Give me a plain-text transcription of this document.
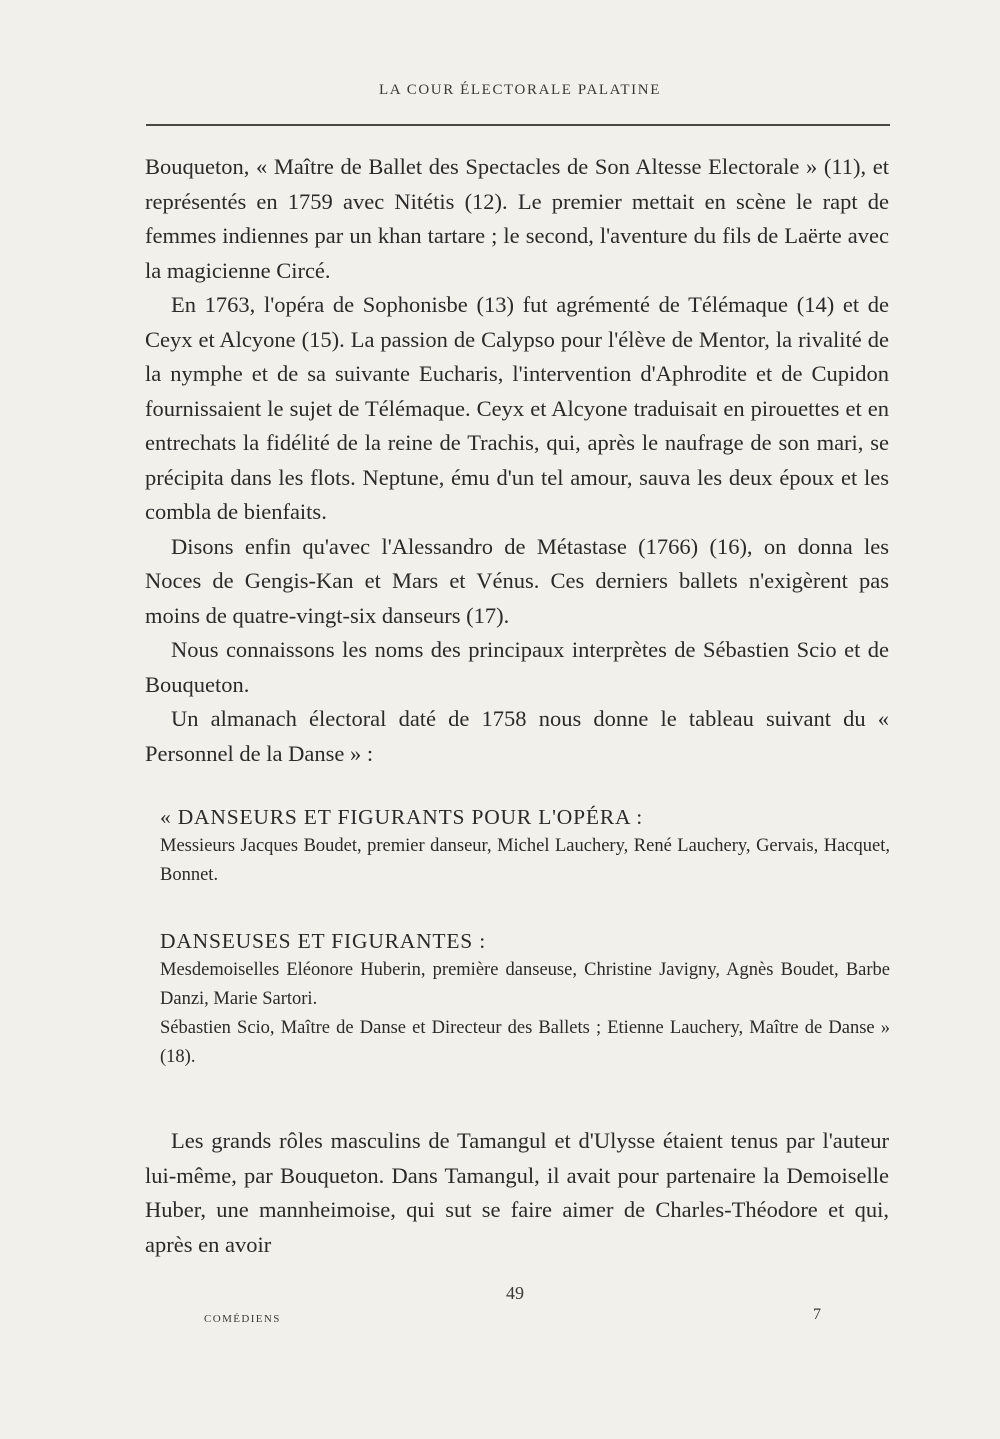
LA COUR ÉLECTORALE PALATINE

Bouqueton, « Maître de Ballet des Spectacles de Son Altesse Electorale » (11), et représentés en 1759 avec Nitétis (12). Le premier mettait en scène le rapt de femmes indiennes par un khan tartare ; le second, l'aventure du fils de Laërte avec la magicienne Circé.

En 1763, l'opéra de Sophonisbe (13) fut agrémenté de Télémaque (14) et de Ceyx et Alcyone (15). La passion de Calypso pour l'élève de Mentor, la rivalité de la nymphe et de sa suivante Eucharis, l'intervention d'Aphrodite et de Cupidon fournissaient le sujet de Télémaque. Ceyx et Alcyone traduisait en pirouettes et en entrechats la fidélité de la reine de Trachis, qui, après le naufrage de son mari, se précipita dans les flots. Neptune, ému d'un tel amour, sauva les deux époux et les combla de bienfaits.

Disons enfin qu'avec l'Alessandro de Métastase (1766) (16), on donna les Noces de Gengis-Kan et Mars et Vénus. Ces derniers ballets n'exigèrent pas moins de quatre-vingt-six danseurs (17).

Nous connaissons les noms des principaux interprètes de Sébastien Scio et de Bouqueton.

Un almanach électoral daté de 1758 nous donne le tableau suivant du « Personnel de la Danse » :

« DANSEURS ET FIGURANTS POUR L'OPÉRA :

Messieurs Jacques Boudet, premier danseur, Michel Lauchery, René Lauchery, Gervais, Hacquet, Bonnet.

DANSEUSES ET FIGURANTES :

Mesdemoiselles Eléonore Huberin, première danseuse, Christine Javigny, Agnès Boudet, Barbe Danzi, Marie Sartori.

Sébastien Scio, Maître de Danse et Directeur des Ballets ; Etienne Lauchery, Maître de Danse » (18).

Les grands rôles masculins de Tamangul et d'Ulysse étaient tenus par l'auteur lui-même, par Bouqueton. Dans Tamangul, il avait pour partenaire la Demoiselle Huber, une mannheimoise, qui sut se faire aimer de Charles-Théodore et qui, après en avoir

49
COMÉDIENS	7
